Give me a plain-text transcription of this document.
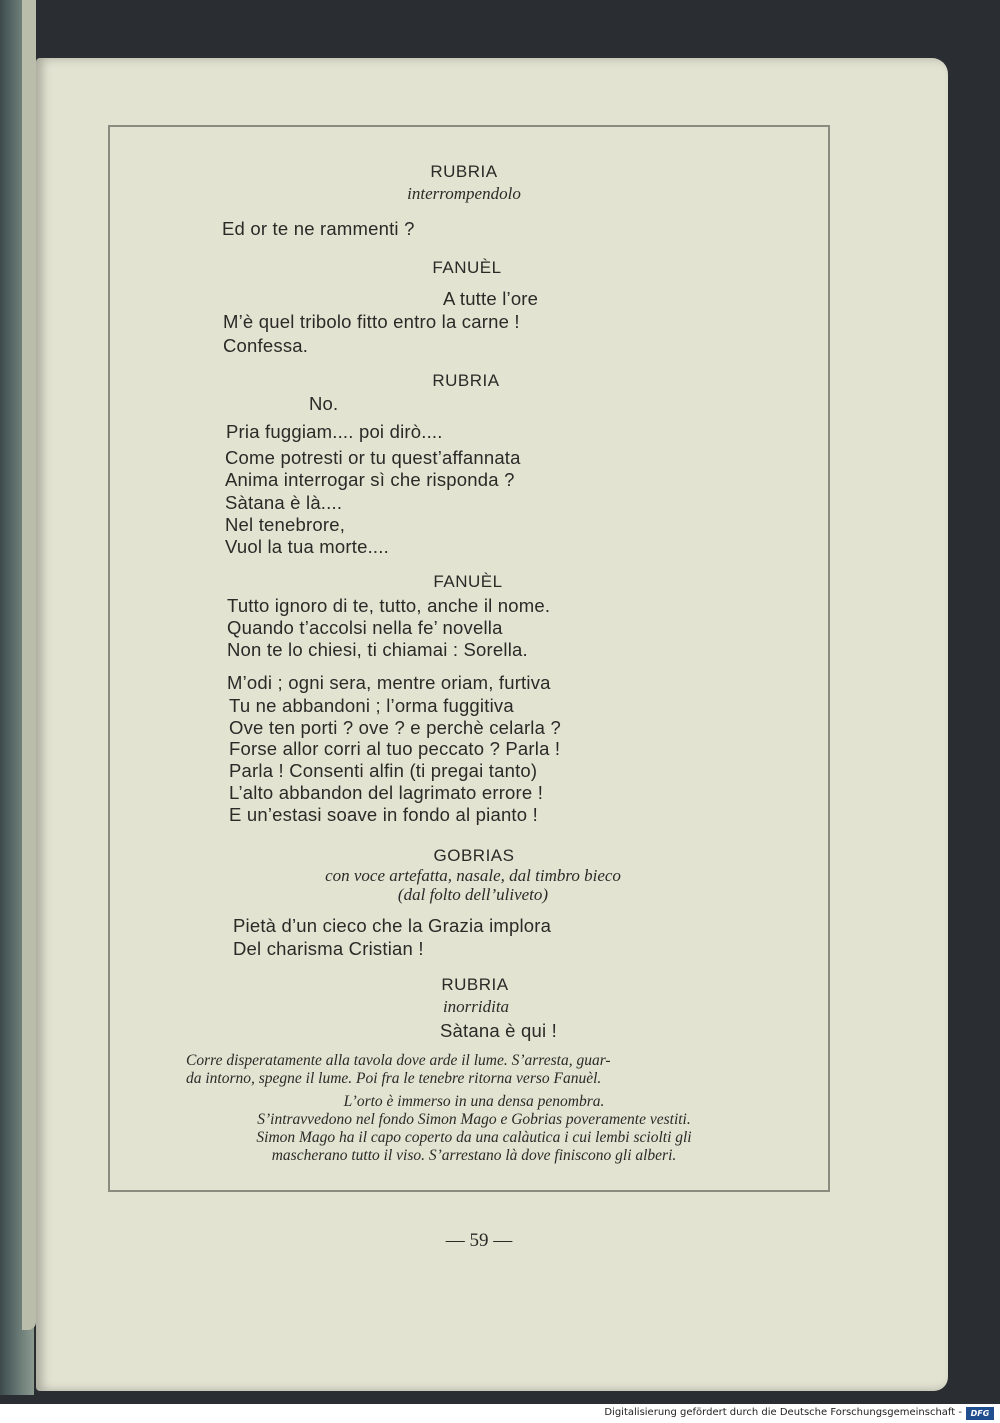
RUBRIA
interrompendolo
Ed or te ne rammenti ?
FANUÈL
A tutte l’ore
M’è quel tribolo fitto entro la carne !
Confessa.
RUBRIA
No.
Pria fuggiam.... poi dirò....
Come potresti or tu quest’affannata
Anima interrogar sì che risponda ?
Sàtana è là....
Nel tenebrore,
Vuol la tua morte....
FANUÈL
Tutto ignoro di te, tutto, anche il nome.
Quando t’accolsi nella fe’ novella
Non te lo chiesi, ti chiamai : Sorella.
M’odi ; ogni sera, mentre oriam, furtiva
Tu ne abbandoni ; l’orma fuggitiva
Ove ten porti ? ove ? e perchè celarla ?
Forse allor corri al tuo peccato ? Parla !
Parla ! Consenti alfin (ti pregai tanto)
L’alto abbandon del lagrimato errore !
E un’estasi soave in fondo al pianto !
GOBRIAS
con voce artefatta, nasale, dal timbro bieco
(dal folto dell’uliveto)
Pietà d’un cieco che la Grazia implora
Del charisma Cristian !
RUBRIA
inorridita
Sàtana è qui !
Corre disperatamente alla tavola dove arde il lume. S’arresta, guar-
da intorno, spegne il lume. Poi fra le tenebre ritorna verso Fanuèl.
L’orto è immerso in una densa penombra.
S’intravvedono nel fondo Simon Mago e Gobrias poveramente vestiti.
Simon Mago ha il capo coperto da una calàutica i cui lembi sciolti gli
mascherano tutto il viso. S’arrestano là dove finiscono gli alberi.
— 59 —
Digitalisierung gefördert durch die Deutsche Forschungsgemeinschaft -	DFG
